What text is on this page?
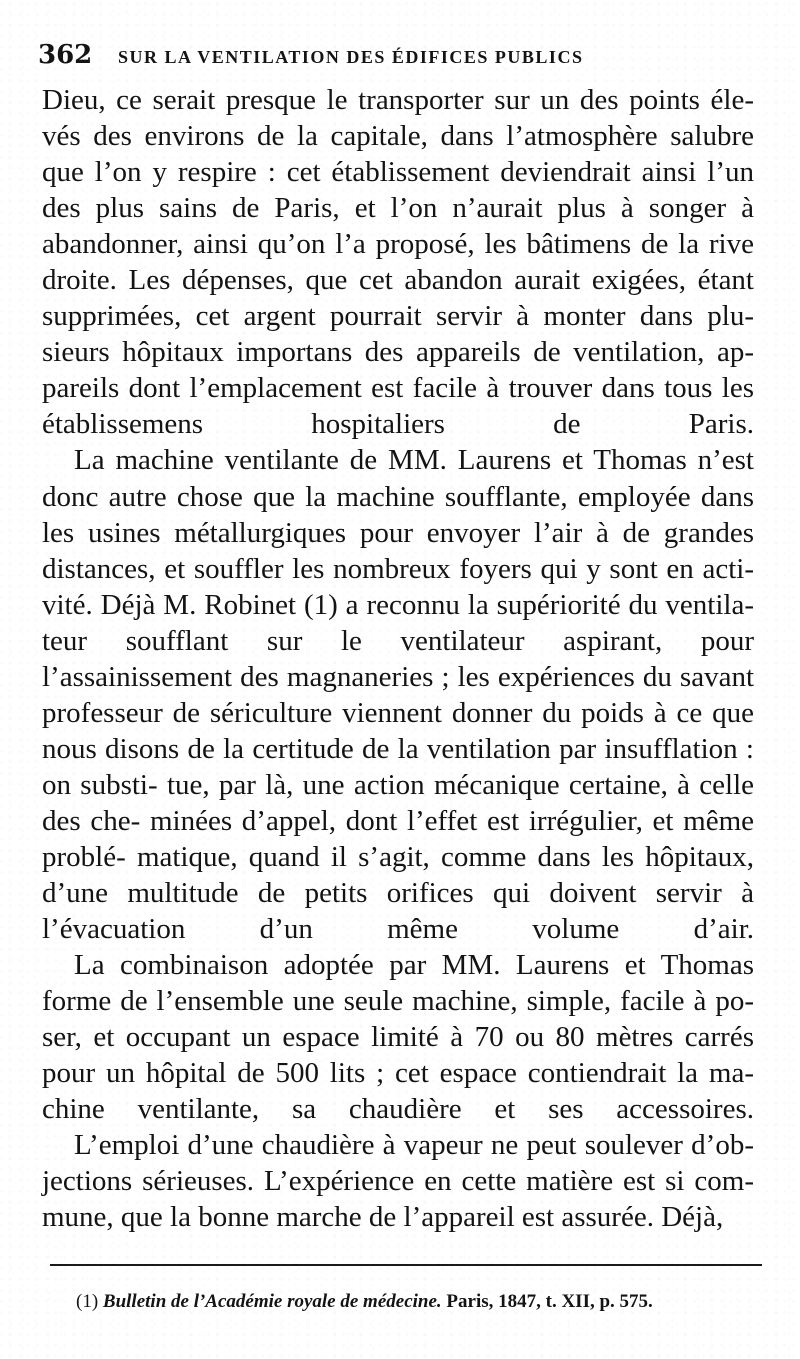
362	SUR LA VENTILATION DES ÉDIFICES PUBLICS

Dieu, ce serait presque le transporter sur un des points éle- vés des environs de la capitale, dans l’atmosphère salubre que l’on y respire : cet établissement deviendrait ainsi l’un des plus sains de Paris, et l’on n’aurait plus à songer à abandonner, ainsi qu’on l’a proposé, les bâtimens de la rive droite. Les dépenses, que cet abandon aurait exigées, étant supprimées, cet argent pourrait servir à monter dans plu- sieurs hôpitaux importans des appareils de ventilation, ap- pareils dont l’emplacement est facile à trouver dans tous les établissemens hospitaliers de Paris.

La machine ventilante de MM. Laurens et Thomas n’est donc autre chose que la machine soufflante, employée dans les usines métallurgiques pour envoyer l’air à de grandes distances, et souffler les nombreux foyers qui y sont en acti- vité. Déjà M. Robinet (1) a reconnu la supériorité du ventila- teur soufflant sur le ventilateur aspirant, pour l’assainissement des magnaneries ; les expériences du savant professeur de sériculture viennent donner du poids à ce que nous disons de la certitude de la ventilation par insufflation : on substi- tue, par là, une action mécanique certaine, à celle des che- minées d’appel, dont l’effet est irrégulier, et même problé- matique, quand il s’agit, comme dans les hôpitaux, d’une multitude de petits orifices qui doivent servir à l’évacuation	d’un même volume d’air.

La combinaison adoptée par MM. Laurens et Thomas forme de l’ensemble une seule machine, simple, facile à po- ser, et occupant un espace limité à 70 ou 80 mètres carrés pour un hôpital de 500 lits ; cet espace contiendrait la ma- chine ventilante, sa chaudière et ses accessoires.

L’emploi d’une chaudière à vapeur ne peut soulever d’ob- jections sérieuses. L’expérience en cette matière est si com- mune, que la bonne marche de l’appareil est assurée. Déjà,

(1) Bulletin de l’Académie royale de médecine. Paris, 1847, t. XII, p. 575.
